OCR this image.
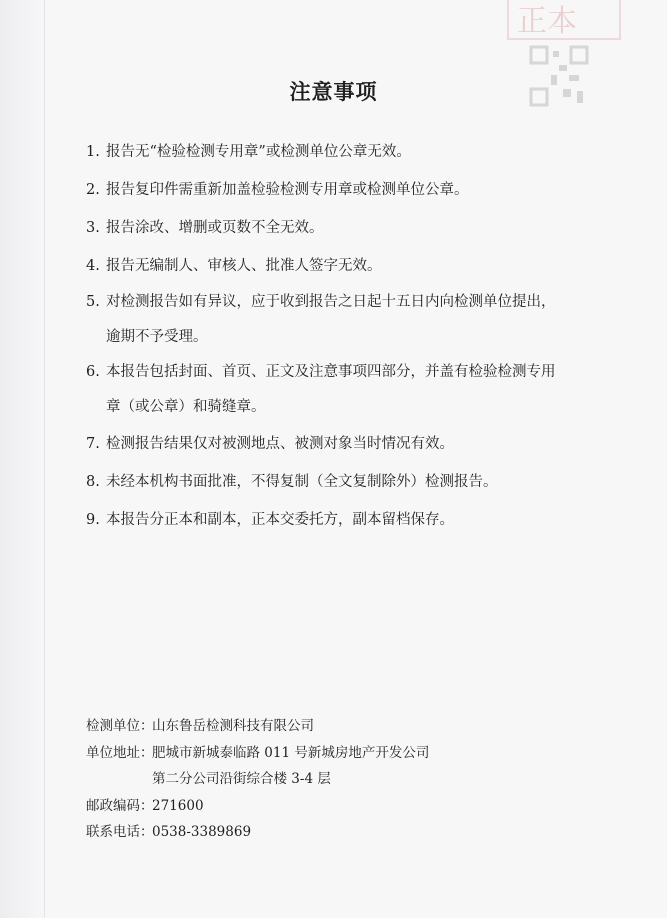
正本
注意事项
1. 报告无“检验检测专用章”或检测单位公章无效。
2. 报告复印件需重新加盖检验检测专用章或检测单位公章。
3. 报告涂改、增删或页数不全无效。
4. 报告无编制人、审核人、批准人签字无效。
5. 对检测报告如有异议，应于收到报告之日起十五日内向检测单位提出，
逾期不予受理。
6. 本报告包括封面、首页、正文及注意事项四部分，并盖有检验检测专用
章（或公章）和骑缝章。
7. 检测报告结果仅对被测地点、被测对象当时情况有效。
8. 未经本机构书面批准，不得复制（全文复制除外）检测报告。
9. 本报告分正本和副本，正本交委托方，副本留档保存。
检测单位：
山东鲁岳检测科技有限公司
单位地址：
肥城市新城泰临路 011 号新城房地产开发公司
第二分公司沿街综合楼 3-4 层
邮政编码：
271600
联系电话：
0538-3389869
